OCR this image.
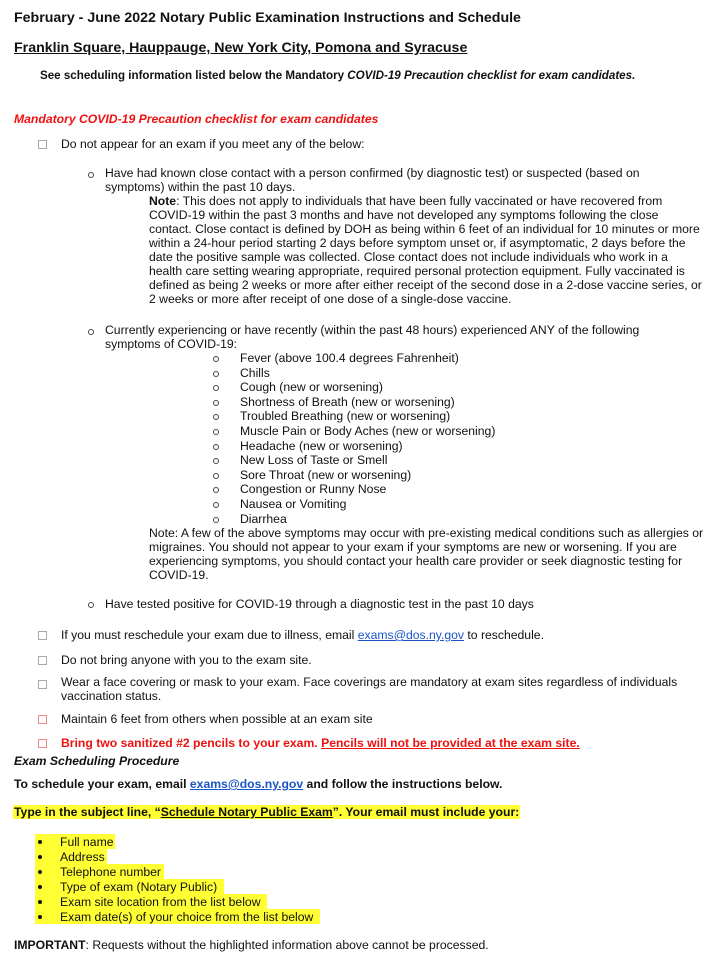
February - June 2022 Notary Public Examination Instructions and Schedule
Franklin Square, Hauppauge, New York City, Pomona and Syracuse
See scheduling information listed below the Mandatory COVID-19 Precaution checklist for exam candidates.
Mandatory COVID-19 Precaution checklist for exam candidates
Do not appear for an exam if you meet any of the below:
Have had known close contact with a person confirmed (by diagnostic test) or suspected (based on symptoms) within the past 10 days.
Note: This does not apply to individuals that have been fully vaccinated or have recovered from COVID-19 within the past 3 months and have not developed any symptoms following the close contact. Close contact is defined by DOH as being within 6 feet of an individual for 10 minutes or more within a 24-hour period starting 2 days before symptom unset or, if asymptomatic, 2 days before the date the positive sample was collected. Close contact does not include individuals who work in a health care setting wearing appropriate, required personal protection equipment. Fully vaccinated is defined as being 2 weeks or more after either receipt of the second dose in a 2-dose vaccine series, or 2 weeks or more after receipt of one dose of a single-dose vaccine.
Currently experiencing or have recently (within the past 48 hours) experienced ANY of the following symptoms of COVID-19:
Fever (above 100.4 degrees Fahrenheit)
Chills
Cough (new or worsening)
Shortness of Breath (new or worsening)
Troubled Breathing (new or worsening)
Muscle Pain or Body Aches (new or worsening)
Headache (new or worsening)
New Loss of Taste or Smell
Sore Throat (new or worsening)
Congestion or Runny Nose
Nausea or Vomiting
Diarrhea
Note: A few of the above symptoms may occur with pre-existing medical conditions such as allergies or migraines. You should not appear to your exam if your symptoms are new or worsening. If you are experiencing symptoms, you should contact your health care provider or seek diagnostic testing for COVID-19.
Have tested positive for COVID-19 through a diagnostic test in the past 10 days
If you must reschedule your exam due to illness, email exams@dos.ny.gov to reschedule.
Do not bring anyone with you to the exam site.
Wear a face covering or mask to your exam. Face coverings are mandatory at exam sites regardless of individuals vaccination status.
Maintain 6 feet from others when possible at an exam site
Bring two sanitized #2 pencils to your exam. Pencils will not be provided at the exam site.
Exam Scheduling Procedure
To schedule your exam, email exams@dos.ny.gov and follow the instructions below.
Type in the subject line, “Schedule Notary Public Exam”. Your email must include your:
Full name
Address
Telephone number
Type of exam (Notary Public)
Exam site location from the list below
Exam date(s) of your choice from the list below
IMPORTANT: Requests without the highlighted information above cannot be processed.
